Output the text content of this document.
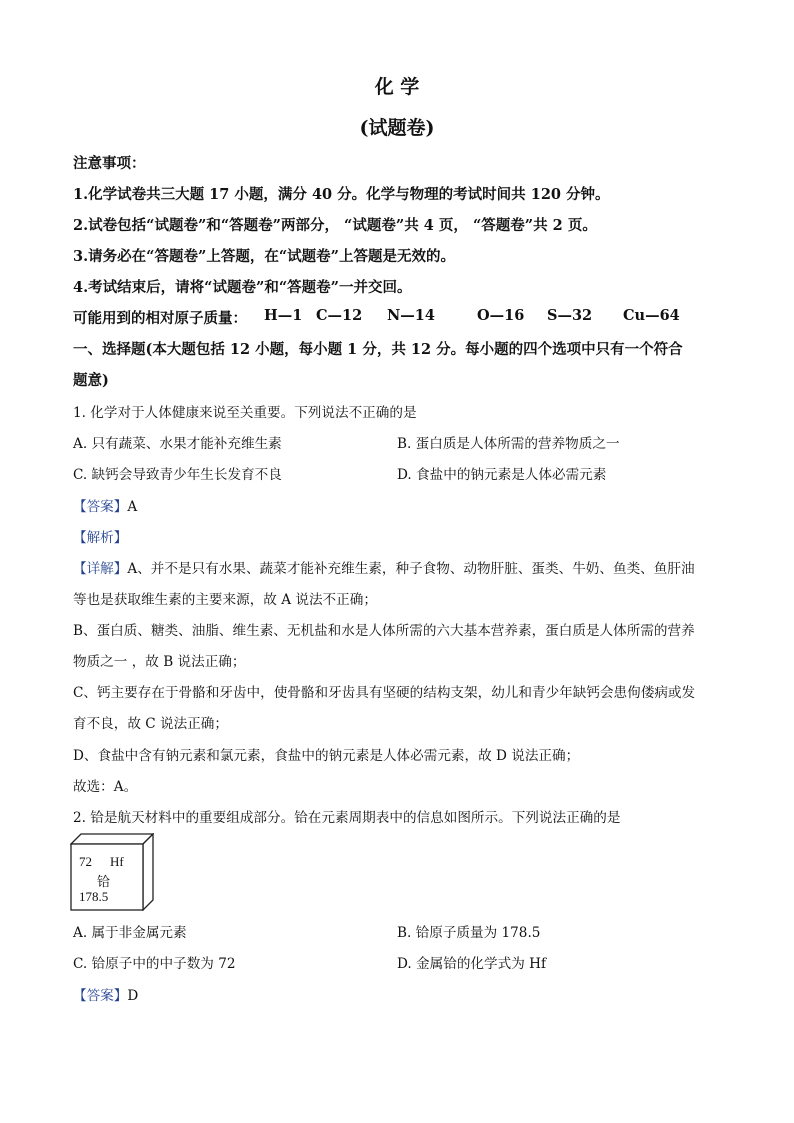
化 学
(试题卷)
注意事项：
1.化学试卷共三大题 17 小题，满分 40 分。化学与物理的考试时间共 120 分钟。
2.试卷包括“试题卷”和“答题卷”两部分， “试题卷”共 4 页， “答题卷”共 2 页。
3.请务必在“答题卷”上答题，在“试题卷”上答题是无效的。
4.考试结束后，请将“试题卷”和“答题卷”一并交回。
可能用到的相对原子质量： H—1 C—12 N—14	O—16 S—32 Cu—64
一、选择题(本大题包括 12 小题，每小题 1 分，共 12 分。每小题的四个选项中只有一个符合
题意)
1. 化学对于人体健康来说至关重要。下列说法不正确的是
A. 只有蔬菜、水果才能补充维生素	B. 蛋白质是人体所需的营养物质之一
C. 缺钙会导致青少年生长发育不良	D. 食盐中的钠元素是人体必需元素
【答案】A
【解析】
【详解】A、并不是只有水果、蔬菜才能补充维生素，种子食物、动物肝脏、蛋类、牛奶、鱼类、鱼肝油
等也是获取维生素的主要来源，故 A 说法不正确；
B、蛋白质、糖类、油脂、维生素、无机盐和水是人体所需的六大基本营养素，蛋白质是人体所需的营养
物质之一 ，故 B 说法正确；
C、钙主要存在于骨骼和牙齿中，使骨骼和牙齿具有坚硬的结构支架，幼儿和青少年缺钙会患佝偻病或发
育不良，故 C 说法正确；
D、食盐中含有钠元素和氯元素，食盐中的钠元素是人体必需元素，故 D 说法正确；
故选：A。
2. 铪是航天材料中的重要组成部分。铪在元素周期表中的信息如图所示。下列说法正确的是
72 Hf
铪
178.5
A. 属于非金属元素	B. 铪原子质量为 178.5
C. 铪原子中的中子数为 72	D. 金属铪的化学式为 Hf
【答案】D
